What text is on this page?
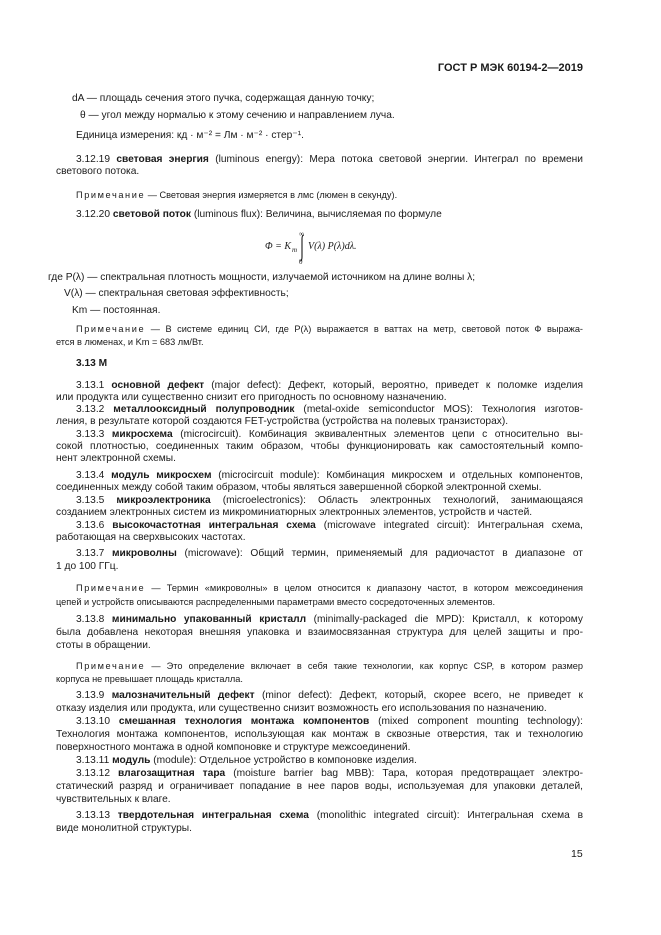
ГОСТ Р МЭК 60194-2—2019
dA — площадь сечения этого пучка, содержащая данную точку;
θ — угол между нормалью к этому сечению и направлением луча.
Единица измерения: кд · м⁻² = Лм · м⁻² · стер⁻¹.
3.12.19 световая энергия (luminous energy): Мера потока световой энергии. Интеграл по времени
светового потока.
Примечание — Световая энергия измеряется в лмс (люмен в секунду).
3.12.20 световой поток (luminous flux): Величина, вычисляемая по формуле
Φ = K m
∞
0
V(λ) P(λ)dλ.
где P(λ) — спектральная плотность мощности, излучаемой источником на длине волны λ;
V(λ) — спектральная световая эффективность;
Km — постоянная.
Примечание — В системе единиц СИ, где P(λ) выражается в ваттах на метр, световой поток Ф выража-
ется в люменах, и Km = 683 лм/Вт.
3.13 М
3.13.1 основной дефект (major defect): Дефект, который, вероятно, приведет к поломке изделия
или продукта или существенно снизит его пригодность по основному назначению.
3.13.2 металлооксидный полупроводник (metal-oxide semiconductor MOS): Технология изготов-
ления, в результате которой создаются FET-устройства (устройства на полевых транзисторах).
3.13.3 микросхема (microcircuit). Комбинация эквивалентных элементов цепи с относительно вы-
сокой плотностью, соединенных таким образом, чтобы функционировать как самостоятельный компо-
нент электронной схемы.
3.13.4 модуль микросхем (microcircuit module): Комбинация микросхем и отдельных компонентов,
соединенных между собой таким образом, чтобы являться завершенной сборкой электронной схемы.
3.13.5 микроэлектроника (microelectronics): Область электронных технологий, занимающаяся
созданием электронных систем из микроминиатюрных электронных элементов, устройств и частей.
3.13.6 высокочастотная интегральная схема (microwave integrated circuit): Интегральная схема,
работающая на сверхвысоких частотах.
3.13.7 микроволны (microwave): Общий термин, применяемый для радиочастот в диапазоне от
1 до 100 ГГц.
Примечание — Термин «микроволны» в целом относится к диапазону частот, в котором межсоединения
цепей и устройств описываются распределенными параметрами вместо сосредоточенных элементов.
3.13.8 минимально упакованный кристалл (minimally-packaged die MPD): Кристалл, к которому
была добавлена некоторая внешняя упаковка и взаимосвязанная структура для целей защиты и про-
стоты в обращении.
Примечание — Это определение включает в себя такие технологии, как корпус CSP, в котором размер
корпуса не превышает площадь кристалла.
3.13.9 малозначительный дефект (minor defect): Дефект, который, скорее всего, не приведет к
отказу изделия или продукта, или существенно снизит возможность его использования по назначению.
3.13.10 смешанная технология монтажа компонентов (mixed component mounting technology):
Технология монтажа компонентов, использующая как монтаж в сквозные отверстия, так и технологию
поверхностного монтажа в одной компоновке и структуре межсоединений.
3.13.11 модуль (module): Отдельное устройство в компоновке изделия.
3.13.12 влагозащитная тара (moisture barrier bag MBB): Тара, которая предотвращает электро-
статический разряд и ограничивает попадание в нее паров воды, используемая для упаковки деталей,
чувствительных к влаге.
3.13.13 твердотельная интегральная схема (monolithic integrated circuit): Интегральная схема в
виде монолитной структуры.
15
